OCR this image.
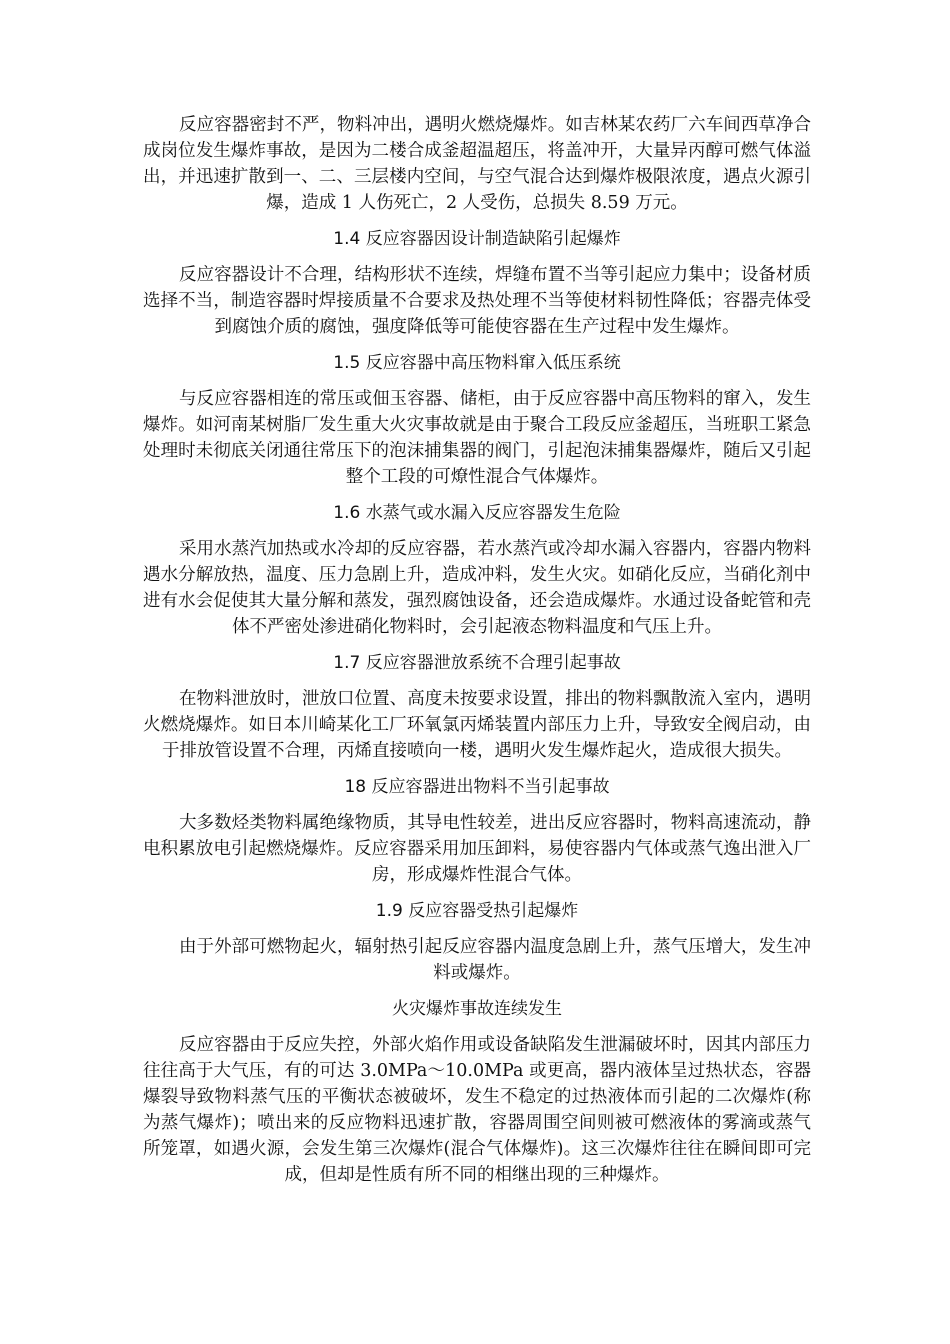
反应容器密封不严，物料冲出，遇明火燃烧爆炸。如吉林某农药厂六车间西草净合成岗位发生爆炸事故，是因为二楼合成釜超温超压，将盖冲开，大量异丙醇可燃气体溢出，并迅速扩散到一、二、三层楼内空间，与空气混合达到爆炸极限浓度，遇点火源引爆，造成 1 人伤死亡，2 人受伤，总损失 8.59 万元。

1.4 反应容器因设计制造缺陷引起爆炸

反应容器设计不合理，结构形状不连续，焊缝布置不当等引起应力集中；设备材质选择不当，制造容器时焊接质量不合要求及热处理不当等使材料韧性降低；容器壳体受到腐蚀介质的腐蚀，强度降低等可能使容器在生产过程中发生爆炸。

1.5 反应容器中高压物料窜入低压系统

与反应容器相连的常压或佃玉容器、储柜，由于反应容器中高压物料的窜入，发生爆炸。如河南某树脂厂发生重大火灾事故就是由于聚合工段反应釜超压，当班职工紧急处理时未彻底关闭通往常压下的泡沫捕集器的阀门，引起泡沫捕集器爆炸，随后又引起整个工段的可燎性混合气体爆炸。

1.6 水蒸气或水漏入反应容器发生危险

采用水蒸汽加热或水冷却的反应容器，若水蒸汽或冷却水漏入容器内，容器内物料遇水分解放热，温度、压力急剧上升，造成冲料，发生火灾。如硝化反应，当硝化剂中进有水会促使其大量分解和蒸发，强烈腐蚀设备，还会造成爆炸。水通过设备蛇管和壳体不严密处渗进硝化物料时，会引起液态物料温度和气压上升。

1.7 反应容器泄放系统不合理引起事故

在物料泄放时，泄放口位置、高度未按要求设置，排出的物料飘散流入室内，遇明火燃烧爆炸。如日本川崎某化工厂环氧氯丙烯装置内部压力上升，导致安全阀启动，由于排放管设置不合理，丙烯直接喷向一楼，遇明火发生爆炸起火，造成很大损失。

18 反应容器进出物料不当引起事故

大多数烃类物料属绝缘物质，其导电性较差，进出反应容器时，物料高速流动，静电积累放电引起燃烧爆炸。反应容器采用加压卸料，易使容器内气体或蒸气逸出泄入厂房，形成爆炸性混合气体。

1.9 反应容器受热引起爆炸

由于外部可燃物起火，辐射热引起反应容器内温度急剧上升，蒸气压增大，发生冲料或爆炸。

火灾爆炸事故连续发生

反应容器由于反应失控，外部火焰作用或设备缺陷发生泄漏破坏时，因其内部压力往往高于大气压，有的可达 3.0MPa～10.0MPa 或更高，器内液体呈过热状态，容器爆裂导致物料蒸气压的平衡状态被破坏，发生不稳定的过热液体而引起的二次爆炸(称为蒸气爆炸)；喷出来的反应物料迅速扩散，容器周围空间则被可燃液体的雾滴或蒸气所笼罩，如遇火源，会发生第三次爆炸(混合气体爆炸)。这三次爆炸往往在瞬间即可完成，但却是性质有所不同的相继出现的三种爆炸。
